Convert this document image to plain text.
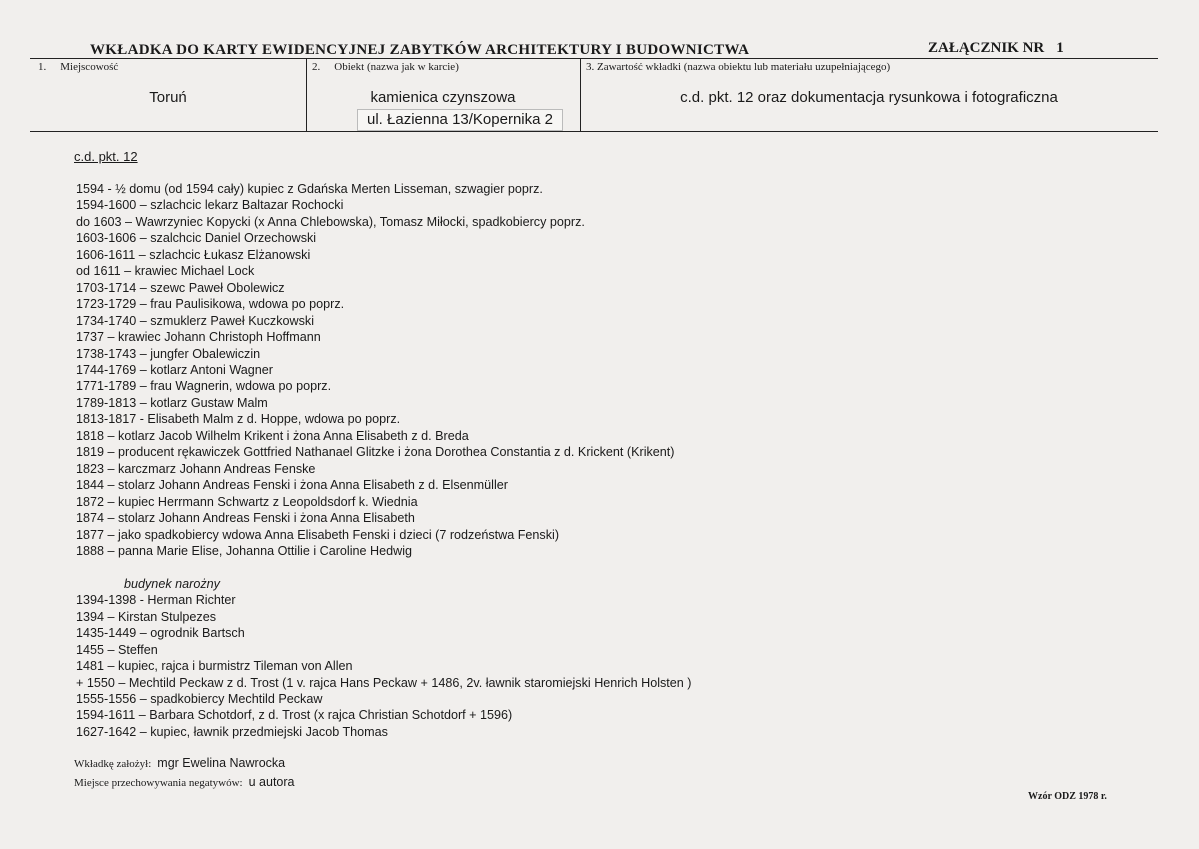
WKŁADKA DO KARTY EWIDENCYJNEJ ZABYTKÓW ARCHITEKTURY I BUDOWNICTWA	ZAŁĄCZNIK NR 1
1. Miejscowość
Toruń
2. Obiekt (nazwa jak w karcie)
kamienica czynszowa
ul. Łazienna 13/Kopernika 2
3. Zawartość wkładki (nazwa obiektu lub materiału uzupełniającego)
c.d. pkt. 12 oraz dokumentacja rysunkowa i fotograficzna
c.d. pkt. 12
1594 - ½ domu (od 1594 cały) kupiec z Gdańska Merten Lisseman, szwagier poprz.
1594-1600 – szlachcic lekarz Baltazar Rochocki
do 1603 – Wawrzyniec Kopycki (x Anna Chlebowska), Tomasz Miłocki, spadkobiercy poprz.
1603-1606 – szalchcic Daniel Orzechowski
1606-1611 – szlachcic Łukasz Elżanowski
od 1611 – krawiec Michael Lock
1703-1714 – szewc Paweł Obolewicz
1723-1729 – frau Paulisikowa, wdowa po poprz.
1734-1740 – szmuklerz Paweł Kuczkowski
1737 – krawiec Johann Christoph Hoffmann
1738-1743 – jungfer Obalewiczin
1744-1769 – kotlarz Antoni Wagner
1771-1789 – frau Wagnerin, wdowa po poprz.
1789-1813 – kotlarz Gustaw Malm
1813-1817 - Elisabeth Malm z d. Hoppe, wdowa po poprz.
1818 – kotlarz Jacob Wilhelm Krikent i żona Anna Elisabeth z d. Breda
1819 – producent rękawiczek Gottfried Nathanael Glitzke i żona Dorothea Constantia z d. Krickent (Krikent)
1823 – karczmarz Johann Andreas Fenske
1844 – stolarz Johann Andreas Fenski i żona Anna Elisabeth z d. Elsenmüller
1872 – kupiec Herrmann Schwartz z Leopoldsdorf k. Wiednia
1874 – stolarz Johann Andreas Fenski i żona Anna Elisabeth
1877 – jako spadkobiercy wdowa Anna Elisabeth Fenski i dzieci (7 rodzeństwa Fenski)
1888 – panna Marie Elise, Johanna Ottilie i Caroline Hedwig
budynek narożny
1394-1398 - Herman Richter
1394 – Kirstan Stulpezes
1435-1449 – ogrodnik Bartsch
1455 – Steffen
1481 – kupiec, rajca i burmistrz Tileman von Allen
+ 1550 – Mechtild Peckaw z d. Trost (1 v. rajca Hans Peckaw + 1486, 2v. ławnik staromiejski Henrich Holsten )
1555-1556 – spadkobiercy Mechtild Peckaw
1594-1611 – Barbara Schotdorf, z d. Trost (x rajca Christian Schotdorf + 1596)
1627-1642 – kupiec, ławnik przedmiejski Jacob Thomas
Wkładkę założył: mgr Ewelina Nawrocka
Miejsce przechowywania negatywów: u autora
Wzór ODZ 1978 r.
